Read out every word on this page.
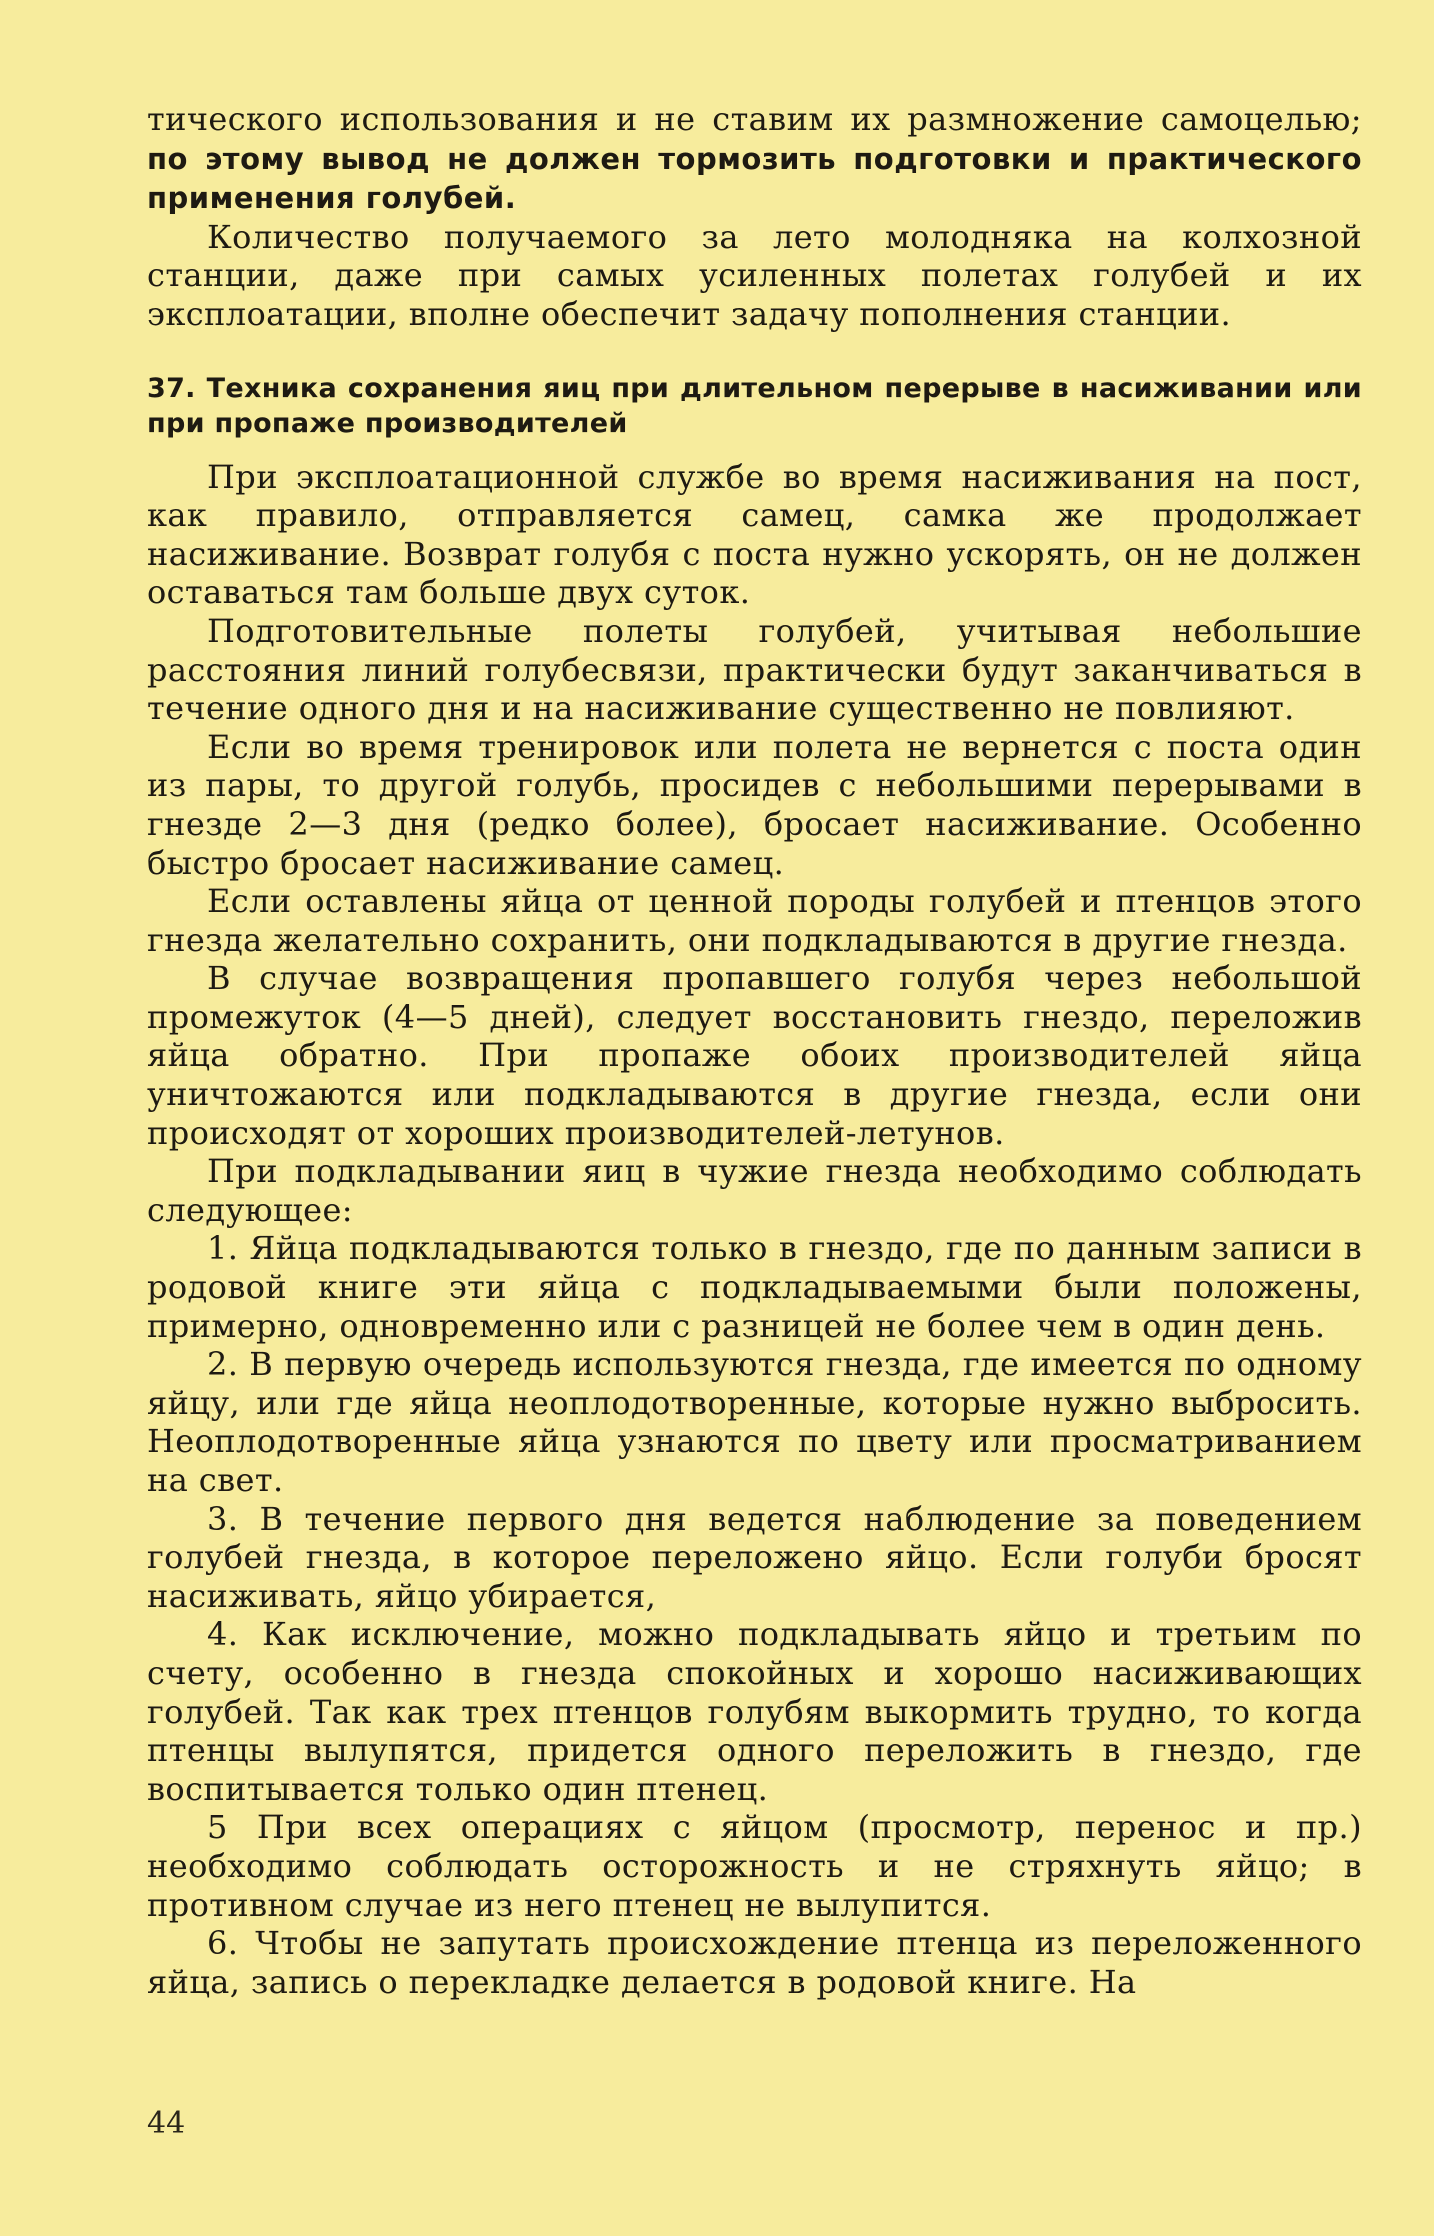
тического использования и не ставим их размножение самоцелью; по этому вывод не должен тормозить подготовки и практического применения голубей.

Количество получаемого за лето молодняка на колхозной станции, даже при самых усиленных полетах голубей и их эксплоатации, вполне обеспечит задачу пополнения станции.

37. Техника сохранения яиц при длительном перерыве в насиживании или при пропаже производителей

При эксплоатационной службе во время насиживания на пост, как правило, отправляется самец, самка же продолжает насиживание. Возврат голубя с поста нужно ускорять, он не должен оставаться там больше двух суток.

Подготовительные полеты голубей, учитывая небольшие расстояния линий голубесвязи, практически будут заканчиваться в течение одного дня и на насиживание существенно не повлияют.

Если во время тренировок или полета не вернется с поста один из пары, то другой голубь, просидев с небольшими перерывами в гнезде 2—3 дня (редко более), бросает насиживание. Особенно быстро бросает насиживание самец.

Если оставлены яйца от ценной породы голубей и птенцов этого гнезда желательно сохранить, они подкладываются в другие гнезда.

В случае возвращения пропавшего голубя через небольшой промежуток (4—5 дней), следует восстановить гнездо, переложив яйца обратно. При пропаже обоих производителей яйца уничтожаются или подкладываются в другие гнезда, если они происходят от хороших производителей-летунов.

При подкладывании яиц в чужие гнезда необходимо соблюдать следующее:

1. Яйца подкладываются только в гнездо, где по данным записи в родовой книге эти яйца с подкладываемыми были положены, примерно, одновременно или с разницей не более чем в один день.

2. В первую очередь используются гнезда, где имеется по одному яйцу, или где яйца неоплодотворенные, которые нужно выбросить. Неоплодотворенные яйца узнаются по цвету или просматриванием на свет.

3. В течение первого дня ведется наблюдение за поведением голубей гнезда, в которое переложено яйцо. Если голуби бросят насиживать, яйцо убирается,

4. Как исключение, можно подкладывать яйцо и третьим по счету, особенно в гнезда спокойных и хорошо насиживающих голубей. Так как трех птенцов голубям выкормить трудно, то когда птенцы вылупятся, придется одного переложить в гнездо, где воспитывается только один птенец.

5 При всех операциях с яйцом (просмотр, перенос и пр.) необходимо соблюдать осторожность и не стряхнуть яйцо; в противном случае из него птенец не вылупится.

6. Чтобы не запутать происхождение птенца из переложенного яйца, запись о перекладке делается в родовой книге. На

44
